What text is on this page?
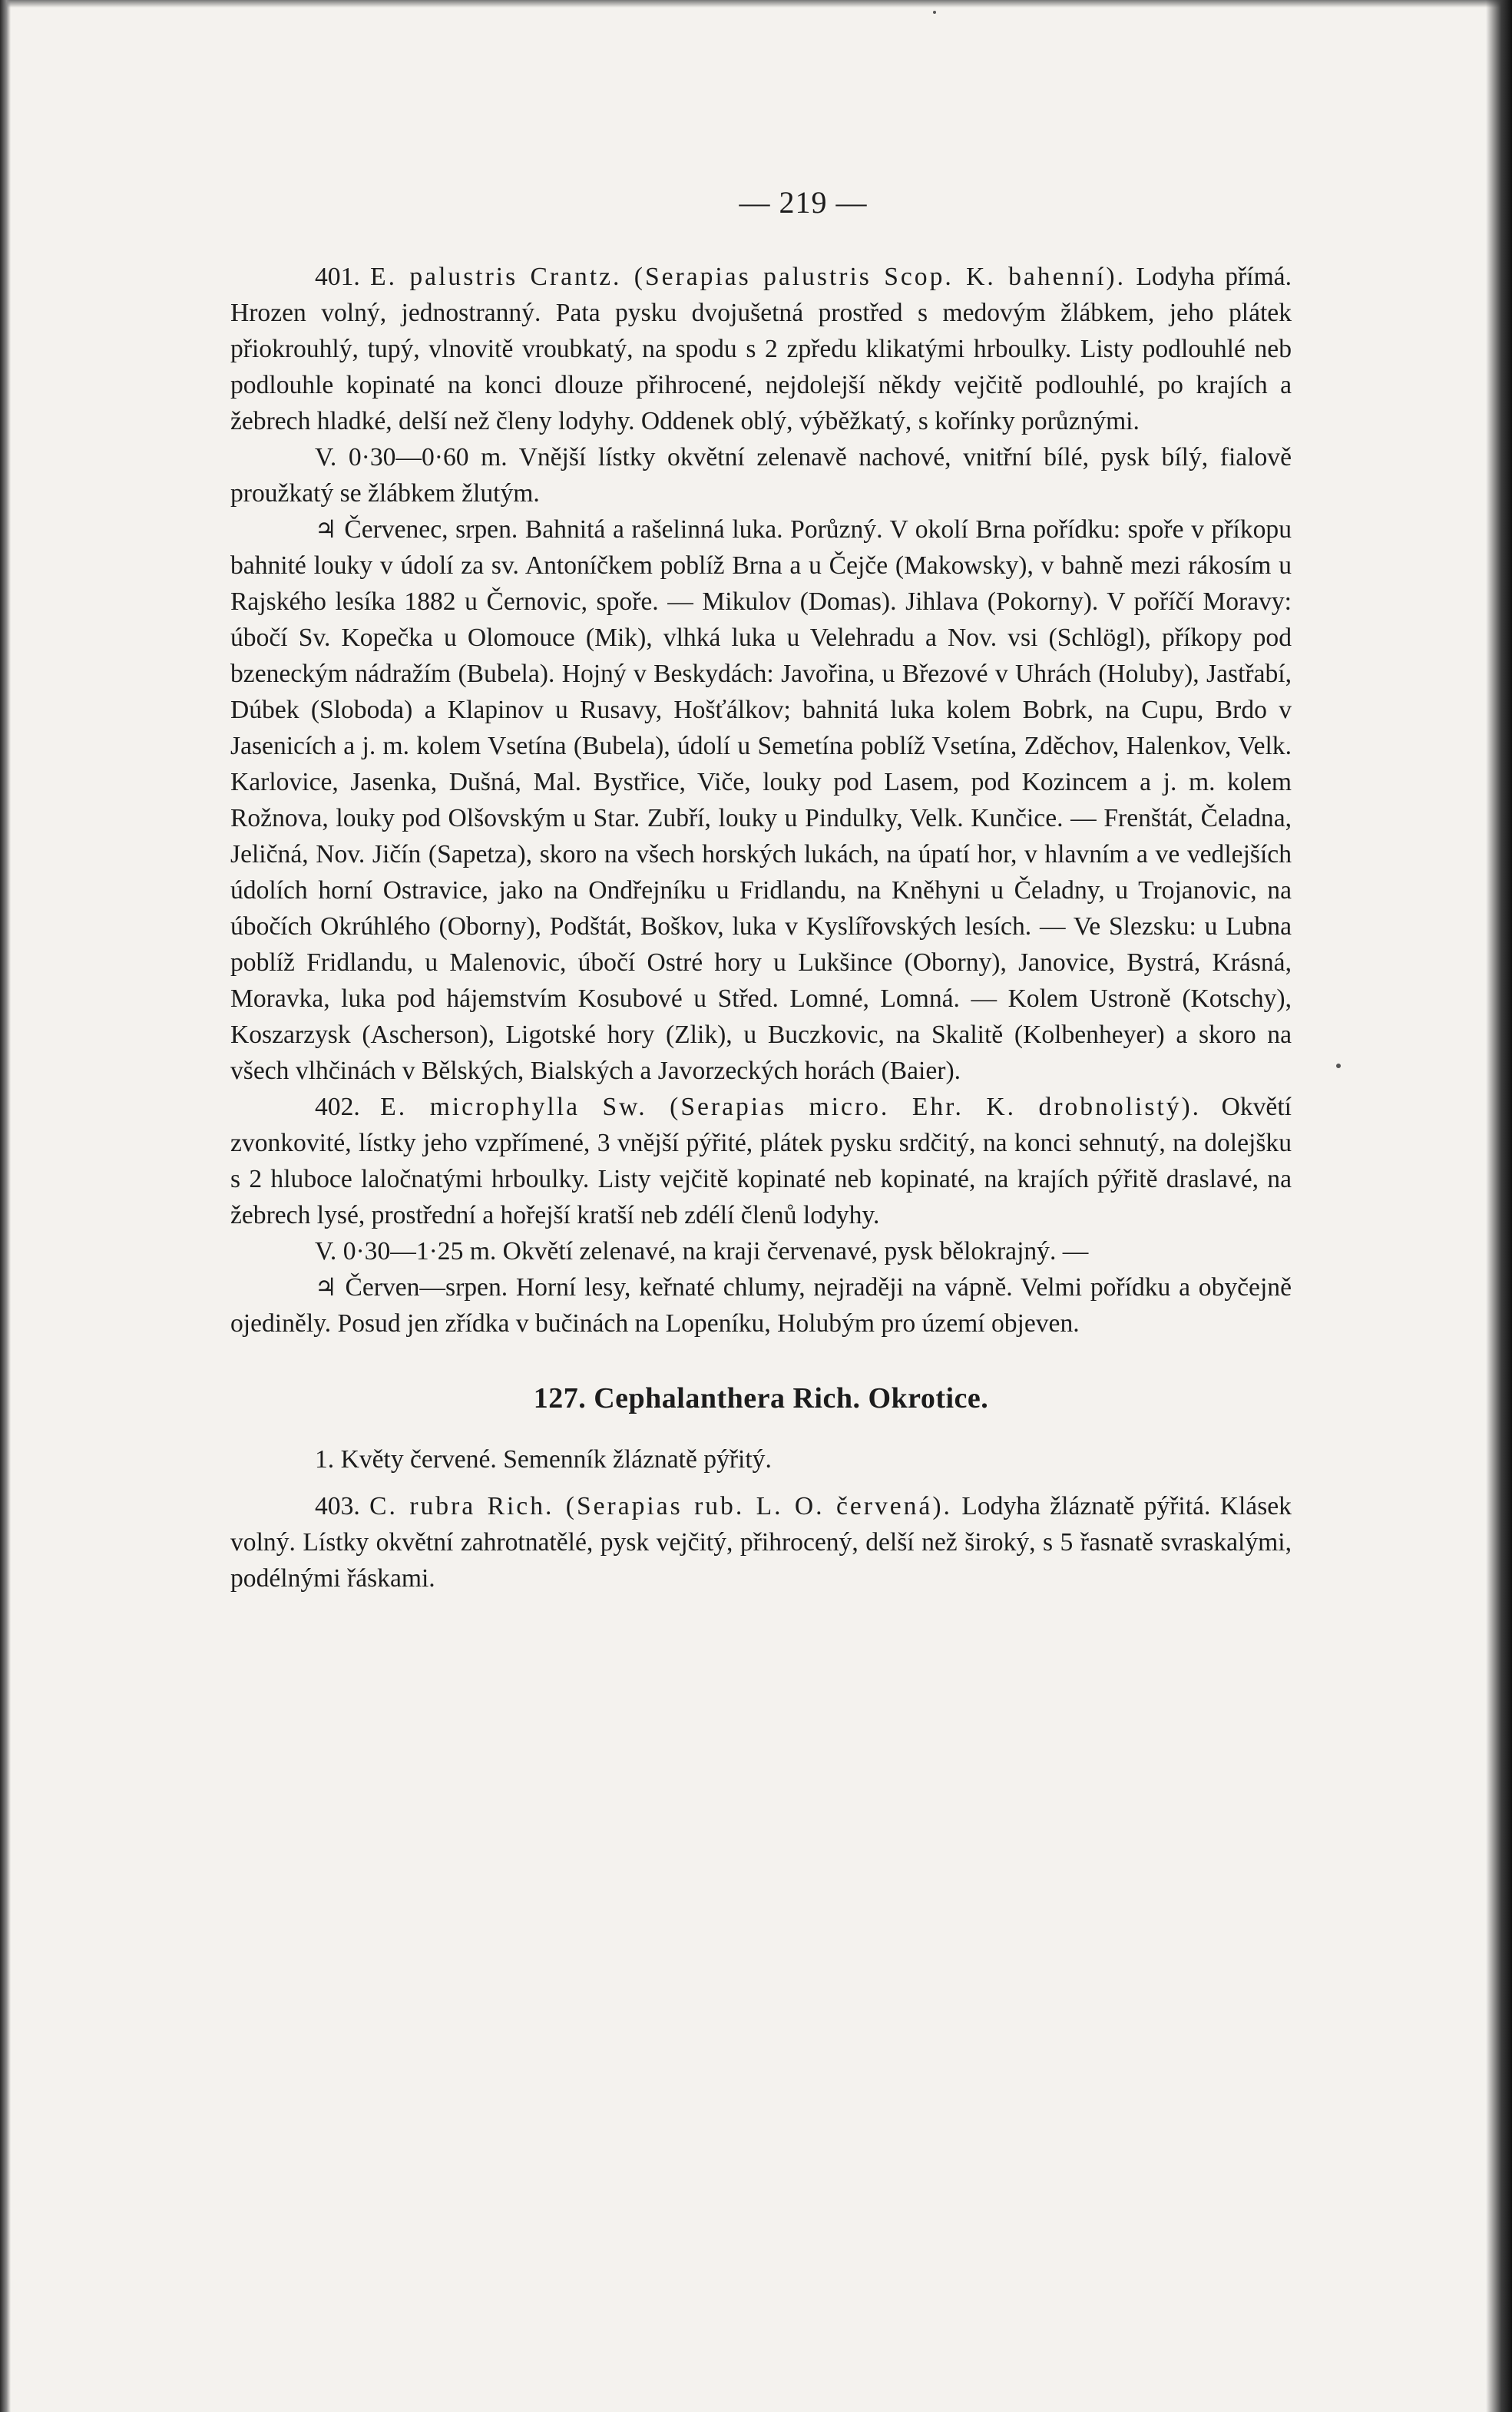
— 219 —

401. E. palustris Crantz. (Serapias palustris Scop. K. bahenní). Lodyha přímá. Hrozen volný, jednostranný. Pata pysku dvojušetná prostřed s medovým žlábkem, jeho plátek přiokrouhlý, tupý, vlnovitě vroubkatý, na spodu s 2 zpředu klikatými hrboulky. Listy podlouhlé neb podlouhle kopinaté na konci dlouze přihrocené, nejdolejší někdy vejčitě podlouhlé, po krajích a žebrech hladké, delší než členy lodyhy. Oddenek oblý, výběžkatý, s kořínky porůznými.

V. 0·30—0·60 m. Vnější lístky okvětní zelenavě nachové, vnitřní bílé, pysk bílý, fialově proužkatý se žlábkem žlutým.

♃ Červenec, srpen. Bahnitá a rašelinná luka. Porůzný. V okolí Brna pořídku: spoře v příkopu bahnité louky v údolí za sv. Antoníčkem poblíž Brna a u Čejče (Makowsky), v bahně mezi rákosím u Rajského lesíka 1882 u Černovic, spoře. — Mikulov (Domas). Jihlava (Pokorny). V poříčí Moravy: úbočí Sv. Kopečka u Olomouce (Mik), vlhká luka u Velehradu a Nov. vsi (Schlögl), příkopy pod bzeneckým nádražím (Bubela). Hojný v Beskydách: Javořina, u Březové v Uhrách (Holuby), Jastřabí, Dúbek (Sloboda) a Klapinov u Rusavy, Hošťálkov; bahnitá luka kolem Bobrk, na Cupu, Brdo v Jasenicích a j. m. kolem Vsetína (Bubela), údolí u Semetína poblíž Vsetína, Zděchov, Halenkov, Velk. Karlovice, Jasenka, Dušná, Mal. Bystřice, Viče, louky pod Lasem, pod Kozincem a j. m. kolem Rožnova, louky pod Olšovským u Star. Zubří, louky u Pindulky, Velk. Kunčice. — Frenštát, Čeladna, Jeličná, Nov. Jičín (Sapetza), skoro na všech horských lukách, na úpatí hor, v hlavním a ve vedlejších údolích horní Ostravice, jako na Ondřejníku u Fridlandu, na Kněhyni u Čeladny, u Trojanovic, na úbočích Okrúhlého (Oborny), Podštát, Boškov, luka v Kyslířovských lesích. — Ve Slezsku: u Lubna poblíž Fridlandu, u Malenovic, úbočí Ostré hory u Lukšince (Oborny), Janovice, Bystrá, Krásná, Moravka, luka pod hájemstvím Kosubové u Střed. Lomné, Lomná. — Kolem Ustroně (Kotschy), Koszarzysk (Ascherson), Ligotské hory (Zlik), u Buczkovic, na Skalitě (Kolbenheyer) a skoro na všech vlhčinách v Bělských, Bialských a Javorzeckých horách (Baier).

402. E. microphylla Sw. (Serapias micro. Ehr. K. drobnolistý). Okvětí zvonkovité, lístky jeho vzpřímené, 3 vnější pýřité, plátek pysku srdčitý, na konci sehnutý, na dolejšku s 2 hluboce laločnatými hrboulky. Listy vejčitě kopinaté neb kopinaté, na krajích pýřitě draslavé, na žebrech lysé, prostřední a hořejší kratší neb zdélí členů lodyhy.

V. 0·30—1·25 m. Okvětí zelenavé, na kraji červenavé, pysk bělokrajný. —

♃ Červen—srpen. Horní lesy, keřnaté chlumy, nejraději na vápně. Velmi pořídku a obyčejně ojediněly. Posud jen zřídka v bučinách na Lopeníku, Holubým pro území objeven.

127. Cephalanthera Rich. Okrotice.

1. Květy červené. Semenník žláznatě pýřitý.

403. C. rubra Rich. (Serapias rub. L. O. červená). Lodyha žláznatě pýřitá. Klásek volný. Lístky okvětní zahrotnatělé, pysk vejčitý, přihrocený, delší než široký, s 5 řasnatě svraskalými, podélnými řáskami.
